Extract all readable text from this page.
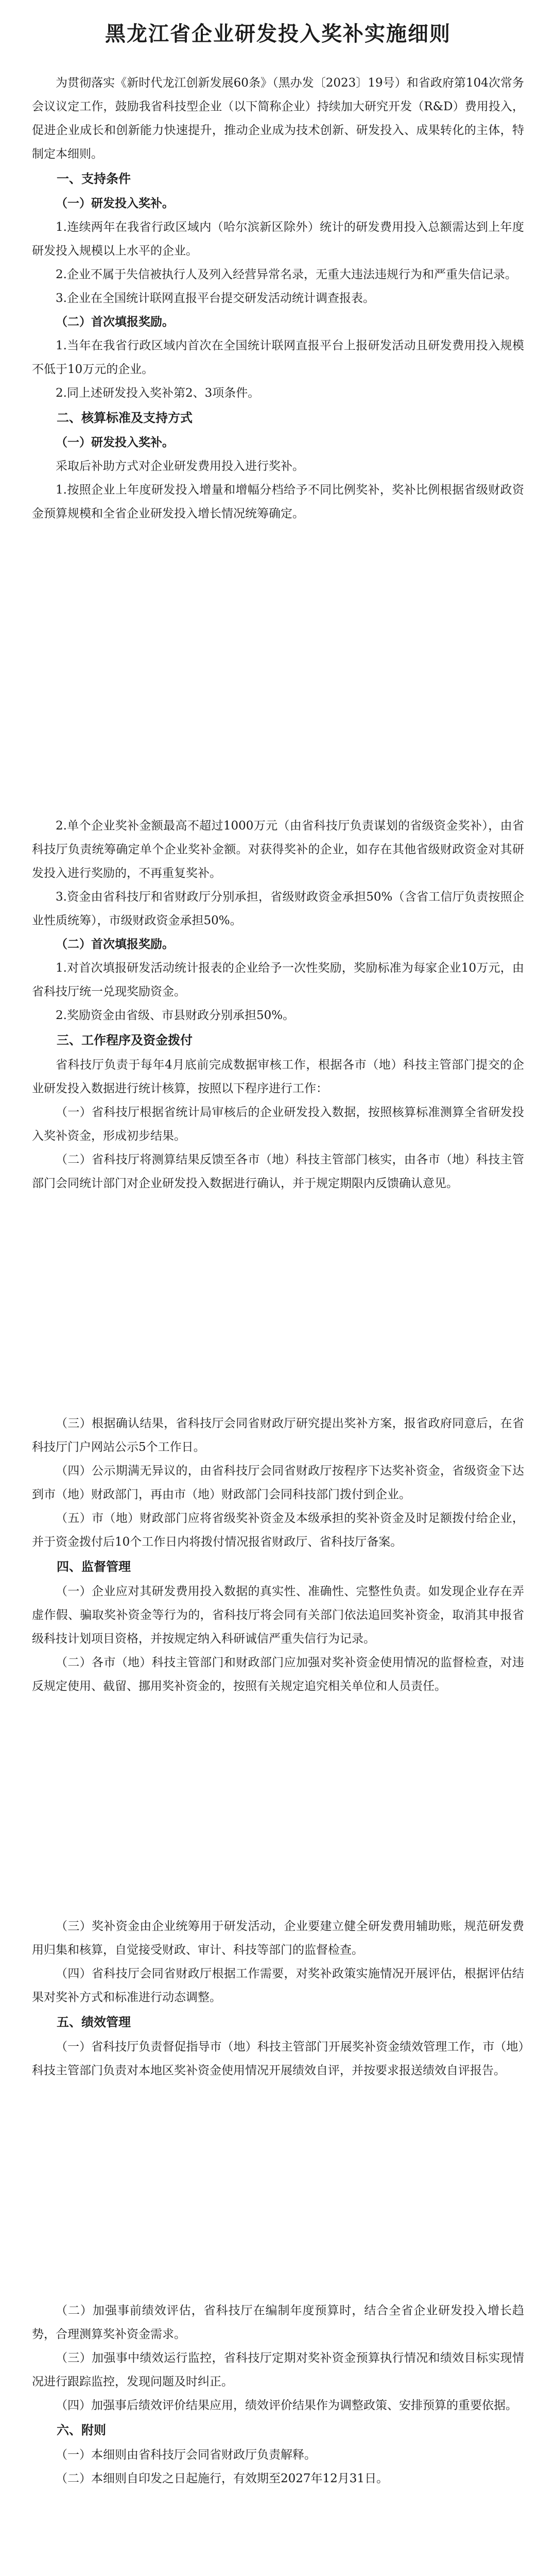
黑龙江省企业研发投入奖补实施细则

为贯彻落实《新时代龙江创新发展60条》（黑办发〔2023〕19号）和省政府第104次常务会议议定工作，鼓励我省科技型企业（以下简称企业）持续加大研究开发（R&D）费用投入，促进企业成长和创新能力快速提升，推动企业成为技术创新、研发投入、成果转化的主体，特制定本细则。

一、支持条件

（一）研发投入奖补。

1.连续两年在我省行政区域内（哈尔滨新区除外）统计的研发费用投入总额需达到上年度研发投入规模以上水平的企业。

2.企业不属于失信被执行人及列入经营异常名录，无重大违法违规行为和严重失信记录。

3.企业在全国统计联网直报平台提交研发活动统计调查报表。

（二）首次填报奖励。

1.当年在我省行政区域内首次在全国统计联网直报平台上报研发活动且研发费用投入规模不低于10万元的企业。

2.同上述研发投入奖补第2、3项条件。

二、核算标准及支持方式

（一）研发投入奖补。

采取后补助方式对企业研发费用投入进行奖补。

1.按照企业上年度研发投入增量和增幅分档给予不同比例奖补，奖补比例根据省级财政资金预算规模和全省企业研发投入增长情况统筹确定。

2.单个企业奖补金额最高不超过1000万元（由省科技厅负责谋划的省级资金奖补），由省科技厅负责统筹确定单个企业奖补金额。对获得奖补的企业，如存在其他省级财政资金对其研发投入进行奖励的，不再重复奖补。

3.资金由省科技厅和省财政厅分别承担，省级财政资金承担50%（含省工信厅负责按照企业性质统筹），市级财政资金承担50%。

（二）首次填报奖励。

1.对首次填报研发活动统计报表的企业给予一次性奖励，奖励标准为每家企业10万元，由省科技厅统一兑现奖励资金。

2.奖励资金由省级、市县财政分别承担50%。

三、工作程序及资金拨付

省科技厅负责于每年4月底前完成数据审核工作，根据各市（地）科技主管部门提交的企业研发投入数据进行统计核算，按照以下程序进行工作：

（一）省科技厅根据省统计局审核后的企业研发投入数据，按照核算标准测算全省研发投入奖补资金，形成初步结果。

（二）省科技厅将测算结果反馈至各市（地）科技主管部门核实，由各市（地）科技主管部门会同统计部门对企业研发投入数据进行确认，并于规定期限内反馈确认意见。

（三）根据确认结果，省科技厅会同省财政厅研究提出奖补方案，报省政府同意后，在省科技厅门户网站公示5个工作日。

（四）公示期满无异议的，由省科技厅会同省财政厅按程序下达奖补资金，省级资金下达到市（地）财政部门，再由市（地）财政部门会同科技部门拨付到企业。

（五）市（地）财政部门应将省级奖补资金及本级承担的奖补资金及时足额拨付给企业，并于资金拨付后10个工作日内将拨付情况报省财政厅、省科技厅备案。

四、监督管理

（一）企业应对其研发费用投入数据的真实性、准确性、完整性负责。如发现企业存在弄虚作假、骗取奖补资金等行为的，省科技厅将会同有关部门依法追回奖补资金，取消其申报省级科技计划项目资格，并按规定纳入科研诚信严重失信行为记录。

（二）各市（地）科技主管部门和财政部门应加强对奖补资金使用情况的监督检查，对违反规定使用、截留、挪用奖补资金的，按照有关规定追究相关单位和人员责任。

（三）奖补资金由企业统筹用于研发活动，企业要建立健全研发费用辅助账，规范研发费用归集和核算，自觉接受财政、审计、科技等部门的监督检查。

（四）省科技厅会同省财政厅根据工作需要，对奖补政策实施情况开展评估，根据评估结果对奖补方式和标准进行动态调整。

五、绩效管理

（一）省科技厅负责督促指导市（地）科技主管部门开展奖补资金绩效管理工作，市（地）科技主管部门负责对本地区奖补资金使用情况开展绩效自评，并按要求报送绩效自评报告。

（二）加强事前绩效评估，省科技厅在编制年度预算时，结合全省企业研发投入增长趋势，合理测算奖补资金需求。

（三）加强事中绩效运行监控，省科技厅定期对奖补资金预算执行情况和绩效目标实现情况进行跟踪监控，发现问题及时纠正。

（四）加强事后绩效评价结果应用，绩效评价结果作为调整政策、安排预算的重要依据。

六、附则

（一）本细则由省科技厅会同省财政厅负责解释。

（二）本细则自印发之日起施行，有效期至2027年12月31日。
